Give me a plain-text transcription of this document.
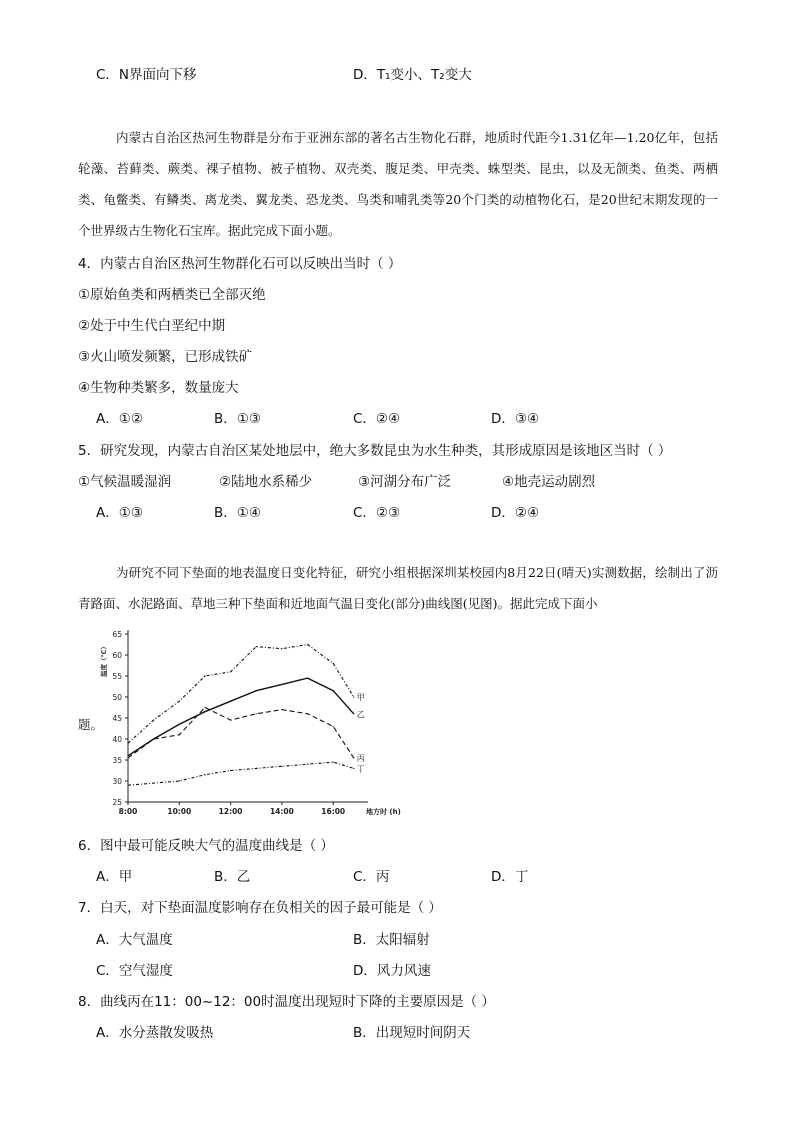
C．N界面向下移	D．T₁变小、T₂变大
内蒙古自治区热河生物群是分布于亚洲东部的著名古生物化石群，地质时代距今1.31亿年—1.20亿年，包括轮藻、苔藓类、蕨类、裸子植物、被子植物、双壳类、腹足类、甲壳类、蛛型类、昆虫，以及无颌类、鱼类、两栖类、龟鳖类、有鳞类、离龙类、翼龙类、恐龙类、鸟类和哺乳类等20个门类的动植物化石，是20世纪末期发现的一个世界级古生物化石宝库。据此完成下面小题。
4．内蒙古自治区热河生物群化石可以反映出当时（ ）
①原始鱼类和两栖类已全部灭绝
②处于中生代白垩纪中期
③火山喷发频繁，已形成铁矿
④生物种类繁多，数量庞大
A．①②	B．①③	C．②④	D．③④
5．研究发现，内蒙古自治区某处地层中，绝大多数昆虫为水生种类，其形成原因是该地区当时（ ）
①气候温暖湿润	②陆地水系稀少	③河湖分布广泛	④地壳运动剧烈
A．①③	B．①④	C．②③	D．②④
为研究不同下垫面的地表温度日变化特征，研究小组根据深圳某校园内8月22日(晴天)实测数据，绘制出了沥青路面、水泥路面、草地三种下垫面和近地面气温日变化(部分)曲线图(见图)。据此完成下面小
题。
25
30
35
40
45
50
55
60
65
8:00	10:00	12:00	14:00	16:00
温度（℃）
地方时 (h)
甲
乙
丙
丁
6．图中最可能反映大气的温度曲线是（ ）
A．甲	B．乙	C．丙	D．丁
7．白天，对下垫面温度影响存在负相关的因子最可能是（ ）
A．大气温度	B．太阳辐射
C．空气湿度	D．风力风速
8．曲线丙在11：00~12：00时温度出现短时下降的主要原因是（ ）
A．水分蒸散发吸热	B．出现短时间阴天
